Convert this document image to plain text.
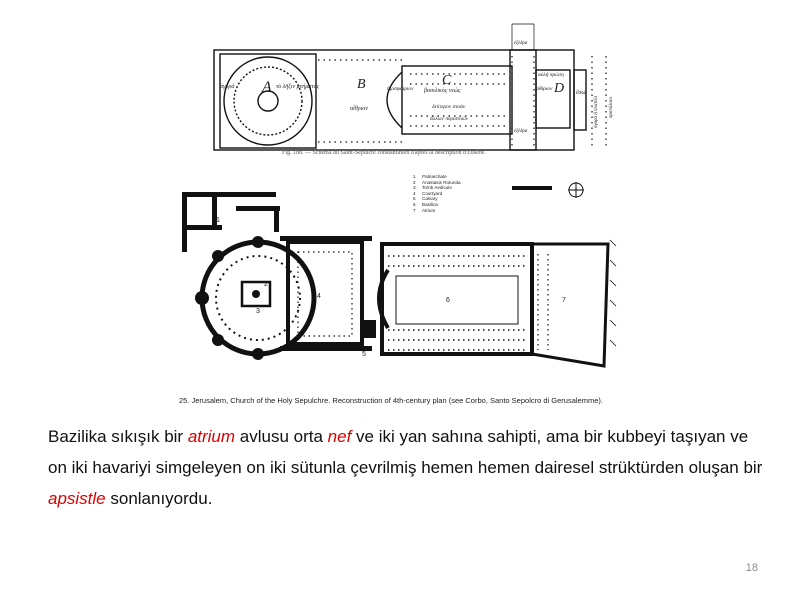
A τὸ λῆξιν μνήματος	B
αἴθριον
C
ἡμισφαίριον βασιλικὸς νεώς
δεύτερον στοάν
ἄλλων περιστοῶν
D
αἴθριον
αὐλὴ πρώτη
ἐξέδρα
ἐξέδρα
ἔσω
ἀγορά
ἀγορὰ ἡ πλατεῖα προπύλαια
Fig. 188. — Schéma du Saint-Sépulcre constantinien d'après la description d'Eusèbe.
1
2
3
4
5
6	7
1	Patriarchate
2	Anastasis Rotunda
3	Tomb Aedicule
4	Courtyard
5	Calvary
6	Basilica
7	Atrium
25. Jerusalem, Church of the Holy Sepulchre. Reconstruction of 4th-century plan (see Corbo, Santo Sepolcro di Gerusalemme).
Bazilika sıkışık bir atrium avlusu orta nef ve iki yan sahına sahipti, ama bir kubbeyi taşıyan ve on iki havariyi simgeleyen on iki sütunla çevrilmiş hemen hemen dairesel strüktürden oluşan bir apsistle sonlanıyordu.
18
